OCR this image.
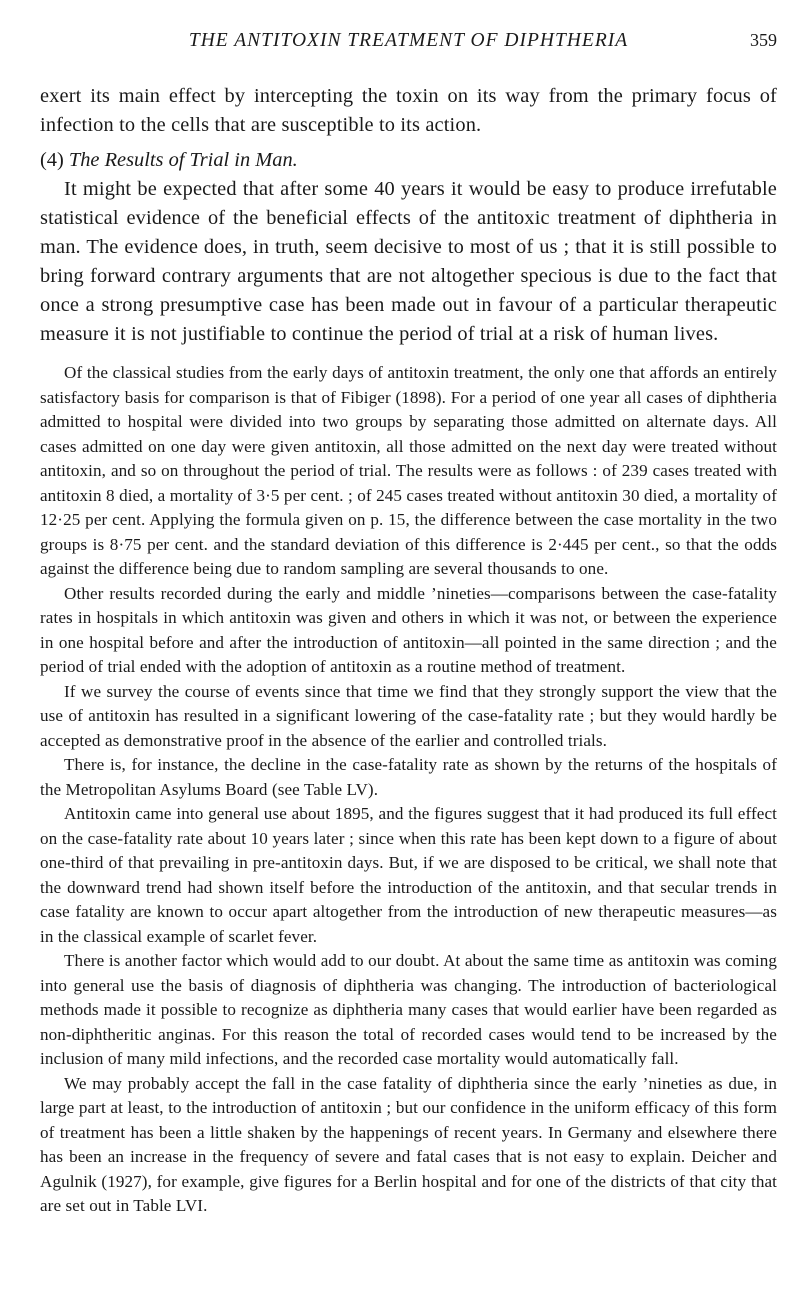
THE ANTITOXIN TREATMENT OF DIPHTHERIA	359

exert its main effect by intercepting the toxin on its way from the primary focus of infection to the cells that are susceptible to its action.

(4) The Results of Trial in Man.

It might be expected that after some 40 years it would be easy to produce irrefutable statistical evidence of the beneficial effects of the antitoxic treatment of diphtheria in man. The evidence does, in truth, seem decisive to most of us ; that it is still possible to bring forward contrary arguments that are not altogether specious is due to the fact that once a strong presumptive case has been made out in favour of a particular therapeutic measure it is not justifiable to continue the period of trial at a risk of human lives.

Of the classical studies from the early days of antitoxin treatment, the only one that affords an entirely satisfactory basis for comparison is that of Fibiger (1898). For a period of one year all cases of diphtheria admitted to hospital were divided into two groups by separating those admitted on alternate days. All cases admitted on one day were given antitoxin, all those admitted on the next day were treated without antitoxin, and so on throughout the period of trial. The results were as follows : of 239 cases treated with antitoxin 8 died, a mortality of 3·5 per cent. ; of 245 cases treated without antitoxin 30 died, a mortality of 12·25 per cent. Applying the formula given on p. 15, the difference between the case mortality in the two groups is 8·75 per cent. and the standard deviation of this difference is 2·445 per cent., so that the odds against the difference being due to random sampling are several thousands to one.

Other results recorded during the early and middle ’nineties—comparisons between the case-fatality rates in hospitals in which antitoxin was given and others in which it was not, or between the experience in one hospital before and after the introduction of antitoxin—all pointed in the same direction ; and the period of trial ended with the adoption of antitoxin as a routine method of treatment.

If we survey the course of events since that time we find that they strongly support the view that the use of antitoxin has resulted in a significant lowering of the case-fatality rate ; but they would hardly be accepted as demonstrative proof in the absence of the earlier and controlled trials.

There is, for instance, the decline in the case-fatality rate as shown by the returns of the hospitals of the Metropolitan Asylums Board (see Table LV).

Antitoxin came into general use about 1895, and the figures suggest that it had produced its full effect on the case-fatality rate about 10 years later ; since when this rate has been kept down to a figure of about one-third of that prevailing in pre-antitoxin days. But, if we are disposed to be critical, we shall note that the downward trend had shown itself before the introduction of the antitoxin, and that secular trends in case fatality are known to occur apart altogether from the introduction of new therapeutic measures—as in the classical example of scarlet fever.

There is another factor which would add to our doubt. At about the same time as antitoxin was coming into general use the basis of diagnosis of diphtheria was changing. The introduction of bacteriological methods made it possible to recognize as diphtheria many cases that would earlier have been regarded as non-diphtheritic anginas. For this reason the total of recorded cases would tend to be increased by the inclusion of many mild infections, and the recorded case mortality would automatically fall.

We may probably accept the fall in the case fatality of diphtheria since the early ’nineties as due, in large part at least, to the introduction of antitoxin ; but our confidence in the uniform efficacy of this form of treatment has been a little shaken by the happenings of recent years. In Germany and elsewhere there has been an increase in the frequency of severe and fatal cases that is not easy to explain. Deicher and Agulnik (1927), for example, give figures for a Berlin hospital and for one of the districts of that city that are set out in Table LVI.
